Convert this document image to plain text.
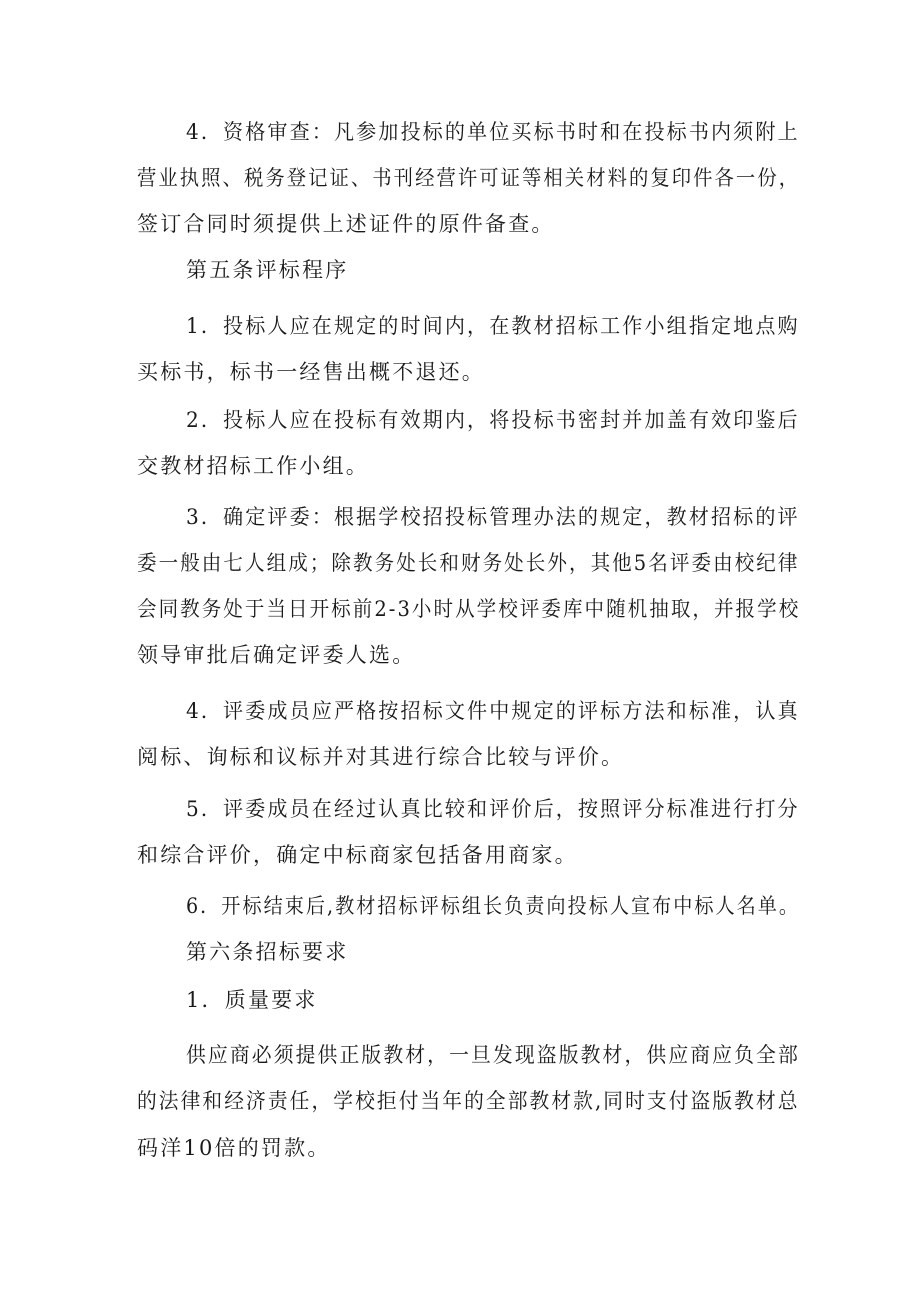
4．资格审查：凡参加投标的单位买标书时和在投标书内须附上
营业执照、税务登记证、书刊经营许可证等相关材料的复印件各一份，
签订合同时须提供上述证件的原件备查。
第五条评标程序
1．投标人应在规定的时间内，在教材招标工作小组指定地点购
买标书，标书一经售出概不退还。
2．投标人应在投标有效期内，将投标书密封并加盖有效印鉴后
交教材招标工作小组。
3．确定评委：根据学校招投标管理办法的规定，教材招标的评
委一般由七人组成；除教务处长和财务处长外，其他5名评委由校纪律
会同教务处于当日开标前2-3小时从学校评委库中随机抽取，并报学校
领导审批后确定评委人选。
4．评委成员应严格按招标文件中规定的评标方法和标准，认真
阅标、询标和议标并对其进行综合比较与评价。
5．评委成员在经过认真比较和评价后，按照评分标准进行打分
和综合评价，确定中标商家包括备用商家。
6．开标结束后,教材招标评标组长负责向投标人宣布中标人名单。
第六条招标要求
1．质量要求
供应商必须提供正版教材，一旦发现盗版教材，供应商应负全部
的法律和经济责任，学校拒付当年的全部教材款,同时支付盗版教材总
码洋10倍的罚款。
